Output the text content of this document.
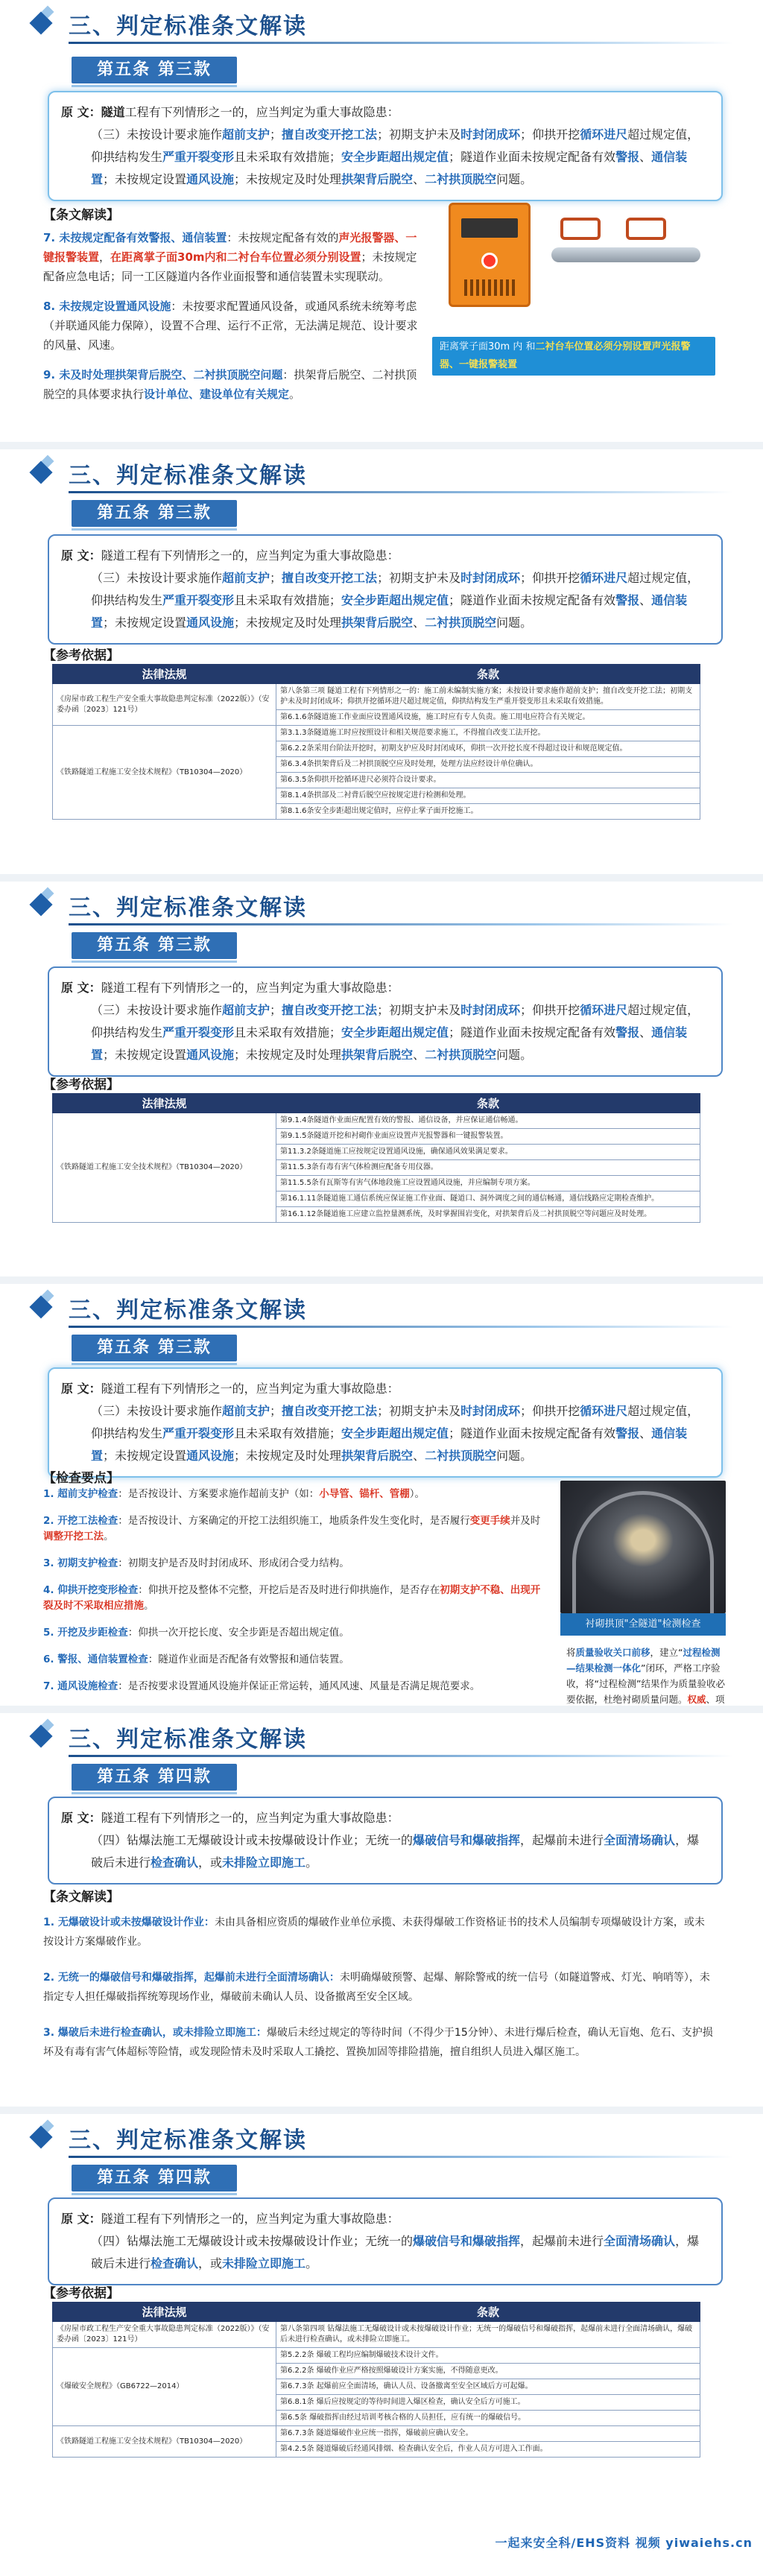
三、判定标准条文解读
第五条 第三款
原 文：隧道工程有下列情形之一的，应当判定为重大事故隐患：
（三）未按设计要求施作超前支护；擅自改变开挖工法；初期支护未及时封闭成环；仰拱开挖循环进尺超过规定值，仰拱结构发生严重开裂变形且未采取有效措施；安全步距超出规定值；隧道作业面未按规定配备有效警报、通信装置；未按规定设置通风设施；未按规定及时处理拱架背后脱空、二衬拱顶脱空问题。
【条文解读】

7. 未按规定配备有效警报、通信装置：未按规定配备有效的声光报警器、一键报警装置，在距离掌子面30m内和二衬台车位置必须分别设置；未按规定配备应急电话；同一工区隧道内各作业面报警和通信装置未实现联动。

8. 未按规定设置通风设施：未按要求配置通风设备，或通风系统未统筹考虑（并联通风能力保障），设置不合理、运行不正常，无法满足规范、设计要求的风量、风速。

9. 未及时处理拱架背后脱空、二衬拱顶脱空问题：拱架背后脱空、二衬拱顶脱空的具体要求执行设计单位、建设单位有关规定。

距离掌子面30m 内 和二衬台车位置必须分别设置声光报警器、一键报警装置
三、判定标准条文解读
第五条 第三款
原 文：隧道工程有下列情形之一的，应当判定为重大事故隐患：
（三）未按设计要求施作超前支护；擅自改变开挖工法；初期支护未及时封闭成环；仰拱开挖循环进尺超过规定值，仰拱结构发生严重开裂变形且未采取有效措施；安全步距超出规定值；隧道作业面未按规定配备有效警报、通信装置；未按规定设置通风设施；未按规定及时处理拱架背后脱空、二衬拱顶脱空问题。
【参考依据】
法律法规	条款
《房屋市政工程生产安全重大事故隐患判定标准（2022版）》（安委办函〔2023〕121号）	第八条第三项 隧道工程有下列情形之一的：施工前未编制实施方案；未按设计要求施作超前支护；擅自改变开挖工法；初期支护未及时封闭成环；仰拱开挖循环进尺超过规定值，仰拱结构发生严重开裂变形且未采取有效措施。
	第6.1.6条隧道施工作业面应设置通风设施，施工时应有专人负责。施工用电应符合有关规定。
《铁路隧道工程施工安全技术规程》（TB10304—2020）	第3.1.3条隧道施工时应按照设计和相关规范要求施工，不得擅自改变工法开挖。
	第6.2.2条采用台阶法开挖时，初期支护应及时封闭成环，仰拱一次开挖长度不得超过设计和规范规定值。
	第6.3.4条拱架背后及二衬拱顶脱空应及时处理，处理方法应经设计单位确认。
	第6.3.5条仰拱开挖循环进尺必须符合设计要求。
	第8.1.4条拱部及二衬背后脱空应按规定进行检测和处理。
	第8.1.6条安全步距超出规定值时，应停止掌子面开挖施工。
三、判定标准条文解读
第五条 第三款
原 文：隧道工程有下列情形之一的，应当判定为重大事故隐患：
（三）未按设计要求施作超前支护；擅自改变开挖工法；初期支护未及时封闭成环；仰拱开挖循环进尺超过规定值，仰拱结构发生严重开裂变形且未采取有效措施；安全步距超出规定值；隧道作业面未按规定配备有效警报、通信装置；未按规定设置通风设施；未按规定及时处理拱架背后脱空、二衬拱顶脱空问题。
【参考依据】
法律法规	条款
《铁路隧道工程施工安全技术规程》（TB10304—2020）	第9.1.4条隧道作业面应配置有效的警报、通信设备，并应保证通信畅通。
	第9.1.5条隧道开挖和衬砌作业面应设置声光报警器和一键报警装置。
	第11.3.2条隧道施工应按规定设置通风设施，确保通风效果满足要求。
	第11.5.3条有毒有害气体检测应配备专用仪器。
	第11.5.5条有瓦斯等有害气体地段施工应设置通风设施，并应编制专项方案。
	第16.1.11条隧道施工通信系统应保证施工作业面、隧道口、洞外调度之间的通信畅通，通信线路应定期检查维护。
	第16.1.12条隧道施工应建立监控量测系统，及时掌握围岩变化，对拱架背后及二衬拱顶脱空等问题应及时处理。
三、判定标准条文解读
第五条 第三款
原 文：隧道工程有下列情形之一的，应当判定为重大事故隐患：
（三）未按设计要求施作超前支护；擅自改变开挖工法；初期支护未及时封闭成环；仰拱开挖循环进尺超过规定值，仰拱结构发生严重开裂变形且未采取有效措施；安全步距超出规定值；隧道作业面未按规定配备有效警报、通信装置；未按规定设置通风设施；未按规定及时处理拱架背后脱空、二衬拱顶脱空问题。
【检查要点】
1. 超前支护检查：是否按设计、方案要求施作超前支护（如：小导管、锚杆、管棚）。
2. 开挖工法检查：是否按设计、方案确定的开挖工法组织施工，地质条件发生变化时，是否履行变更手续并及时调整开挖工法。
3. 初期支护检查：初期支护是否及时封闭成环、形成闭合受力结构。
4. 仰拱开挖变形检查：仰拱开挖及整体不完整，开挖后是否及时进行仰拱施作，是否存在初期支护不稳、出现开裂及时不采取相应措施。
5. 开挖及步距检查：仰拱一次开挖长度、安全步距是否超出规定值。
6. 警报、通信装置检查：隧道作业面是否配备有效警报和通信装置。
7. 通风设施检查：是否按要求设置通风设施并保证正常运转，通风风速、风量是否满足规范要求。
衬砌拱顶"全隧道"检测检查
将质量验收关口前移，建立“过程检测—结果检测一体化”闭环，严格工序验收，将“过程检测”结果作为质量验收必要依据，杜绝衬砌质量问题。权威、项
三、判定标准条文解读
第五条 第四款
原 文：隧道工程有下列情形之一的，应当判定为重大事故隐患：
（四）钻爆法施工无爆破设计或未按爆破设计作业；无统一的爆破信号和爆破指挥，起爆前未进行全面清场确认，爆破后未进行检查确认，或未排险立即施工。
【条文解读】
1. 无爆破设计或未按爆破设计作业：未由具备相应资质的爆破作业单位承揽、未获得爆破工作资格证书的技术人员编制专项爆破设计方案，或未按设计方案爆破作业。
2. 无统一的爆破信号和爆破指挥，起爆前未进行全面清场确认：未明确爆破预警、起爆、解除警戒的统一信号（如隧道警戒、灯光、响哨等），未指定专人担任爆破指挥统筹现场作业，爆破前未确认人员、设备撤离至安全区域。
3. 爆破后未进行检查确认，或未排险立即施工：爆破后未经过规定的等待时间（不得少于15分钟）、未进行爆后检查，确认无盲炮、危石、支护损坏及有毒有害气体超标等险情，或发现险情未及时采取人工撬挖、置换加固等排险措施，擅自组织人员进入爆区施工。
三、判定标准条文解读
第五条 第四款
原 文：隧道工程有下列情形之一的，应当判定为重大事故隐患：
（四）钻爆法施工无爆破设计或未按爆破设计作业；无统一的爆破信号和爆破指挥，起爆前未进行全面清场确认，爆破后未进行检查确认，或未排险立即施工。
【参考依据】
法律法规	条款
《房屋市政工程生产安全重大事故隐患判定标准（2022版）》（安委办函〔2023〕121号）	第八条第四项 钻爆法施工无爆破设计或未按爆破设计作业；无统一的爆破信号和爆破指挥，起爆前未进行全面清场确认，爆破后未进行检查确认，或未排险立即施工。
《爆破安全规程》（GB6722—2014）	第5.2.2条 爆破工程均应编制爆破技术设计文件。
	第6.2.2条 爆破作业应严格按照爆破设计方案实施，不得随意更改。
	第6.7.3条 起爆前应全面清场，确认人员、设备撤离至安全区域后方可起爆。
	第6.8.1条 爆后应按规定的等待时间进入爆区检查，确认安全后方可施工。
	第6.5条 爆破指挥由经过培训考核合格的人员担任，应有统一的爆破信号。
《铁路隧道工程施工安全技术规程》（TB10304—2020）	第6.7.3条 隧道爆破作业应统一指挥，爆破前应确认安全。
	第4.2.5条 隧道爆破后经通风排烟、检查确认安全后，作业人员方可进入工作面。
一起来安全科/EHS资料 视频 yiwaiehs.cn
